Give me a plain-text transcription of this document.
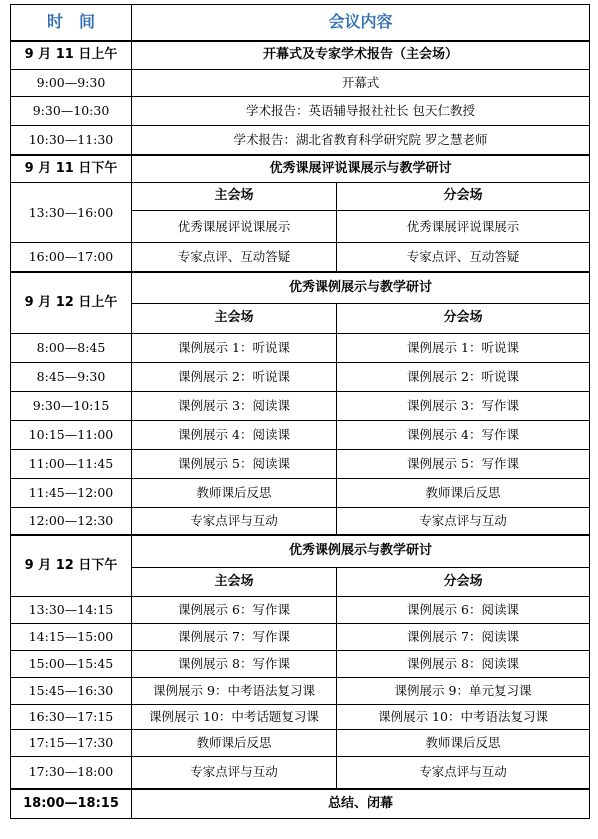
时　间	会议内容	
9 月 11 日上午	开幕式及专家学术报告（主会场）	
9:00—9:30	开幕式	
9:30—10:30	学术报告：英语辅导报社社长 包天仁教授	
10:30—11:30	学术报告：湖北省教育科学研究院 罗之慧老师	
9 月 11 日下午	优秀课展评说课展示与教学研讨	
13:30—16:00	主会场	分会场
	优秀课展评说课展示	优秀课展评说课展示
16:00—17:00	专家点评、互动答疑	专家点评、互动答疑
9 月 12 日上午	优秀课例展示与教学研讨	
	主会场	分会场
8:00—8:45	课例展示 1：听说课	课例展示 1：听说课
8:45—9:30	课例展示 2：听说课	课例展示 2：听说课
9:30—10:15	课例展示 3：阅读课	课例展示 3：写作课
10:15—11:00	课例展示 4：阅读课	课例展示 4：写作课
11:00—11:45	课例展示 5：阅读课	课例展示 5：写作课
11:45—12:00	教师课后反思	教师课后反思
12:00—12:30	专家点评与互动	专家点评与互动
9 月 12 日下午	优秀课例展示与教学研讨	
	主会场	分会场
13:30—14:15	课例展示 6：写作课	课例展示 6：阅读课
14:15—15:00	课例展示 7：写作课	课例展示 7：阅读课
15:00—15:45	课例展示 8：写作课	课例展示 8：阅读课
15:45—16:30	课例展示 9：中考语法复习课	课例展示 9：单元复习课
16:30—17:15	课例展示 10：中考话题复习课	课例展示 10：中考语法复习课
17:15—17:30	教师课后反思	教师课后反思
17:30—18:00	专家点评与互动	专家点评与互动
18:00—18:15	总结、闭幕	
